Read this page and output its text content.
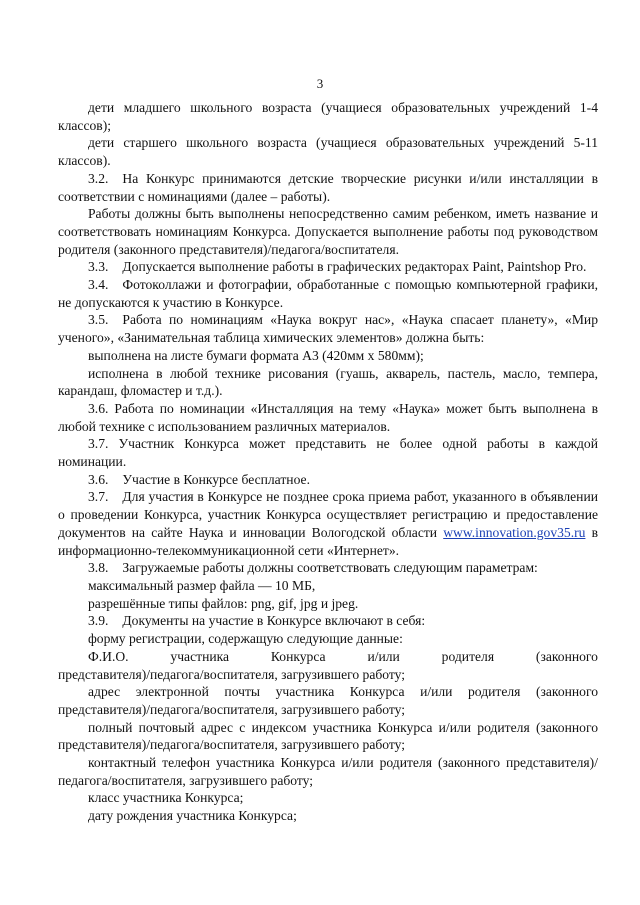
3

дети младшего школьного возраста (учащиеся образовательных учреждений 1-4 классов);

дети старшего школьного возраста (учащиеся образовательных учреждений 5-11 классов).

3.2. На Конкурс принимаются детские творческие рисунки и/или инсталляции в соответствии с номинациями (далее – работы).

Работы должны быть выполнены непосредственно самим ребенком, иметь название и соответствовать номинациям Конкурса. Допускается выполнение работы под руководством родителя (законного представителя)/педагога/воспитателя.

3.3. Допускается выполнение работы в графических редакторах Paint, Paintshop Pro.

3.4. Фотоколлажи и фотографии, обработанные с помощью компьютерной графики, не допускаются к участию в Конкурсе.

3.5. Работа по номинациям «Наука вокруг нас», «Наука спасает планету», «Мир ученого», «Занимательная таблица химических элементов» должна быть:

выполнена на листе бумаги формата А3 (420мм х 580мм);

исполнена в любой технике рисования (гуашь, акварель, пастель, масло, темпера, карандаш, фломастер и т.д.).

3.6. Работа по номинации «Инсталляция на тему «Наука» может быть выполнена в любой технике с использованием различных материалов.

3.7. Участник Конкурса может представить не более одной работы в каждой номинации.

3.6. Участие в Конкурсе бесплатное.

3.7. Для участия в Конкурсе не позднее срока приема работ, указанного в объявлении о проведении Конкурса, участник Конкурса осуществляет регистрацию и предоставление документов на сайте Наука и инновации Вологодской области www.innovation.gov35.ru в информационно-телекоммуникационной сети «Интернет».

3.8. Загружаемые работы должны соответствовать следующим параметрам:

максимальный размер файла — 10 МБ,

разрешённые типы файлов: png, gif, jpg и jpeg.

3.9. Документы на участие в Конкурсе включают в себя:

форму регистрации, содержащую следующие данные:

Ф.И.О.	участника	Конкурса	и/или	родителя	(законного

представителя)/педагога/воспитателя, загрузившего работу;

адрес электронной почты участника Конкурса и/или родителя (законного представителя)/педагога/воспитателя, загрузившего работу;

полный почтовый адрес с индексом участника Конкурса и/или родителя (законного представителя)/педагога/воспитателя, загрузившего работу;

контактный телефон участника Конкурса и/или родителя (законного представителя)/педагога/воспитателя, загрузившего работу;

класс участника Конкурса;

дату рождения участника Конкурса;
